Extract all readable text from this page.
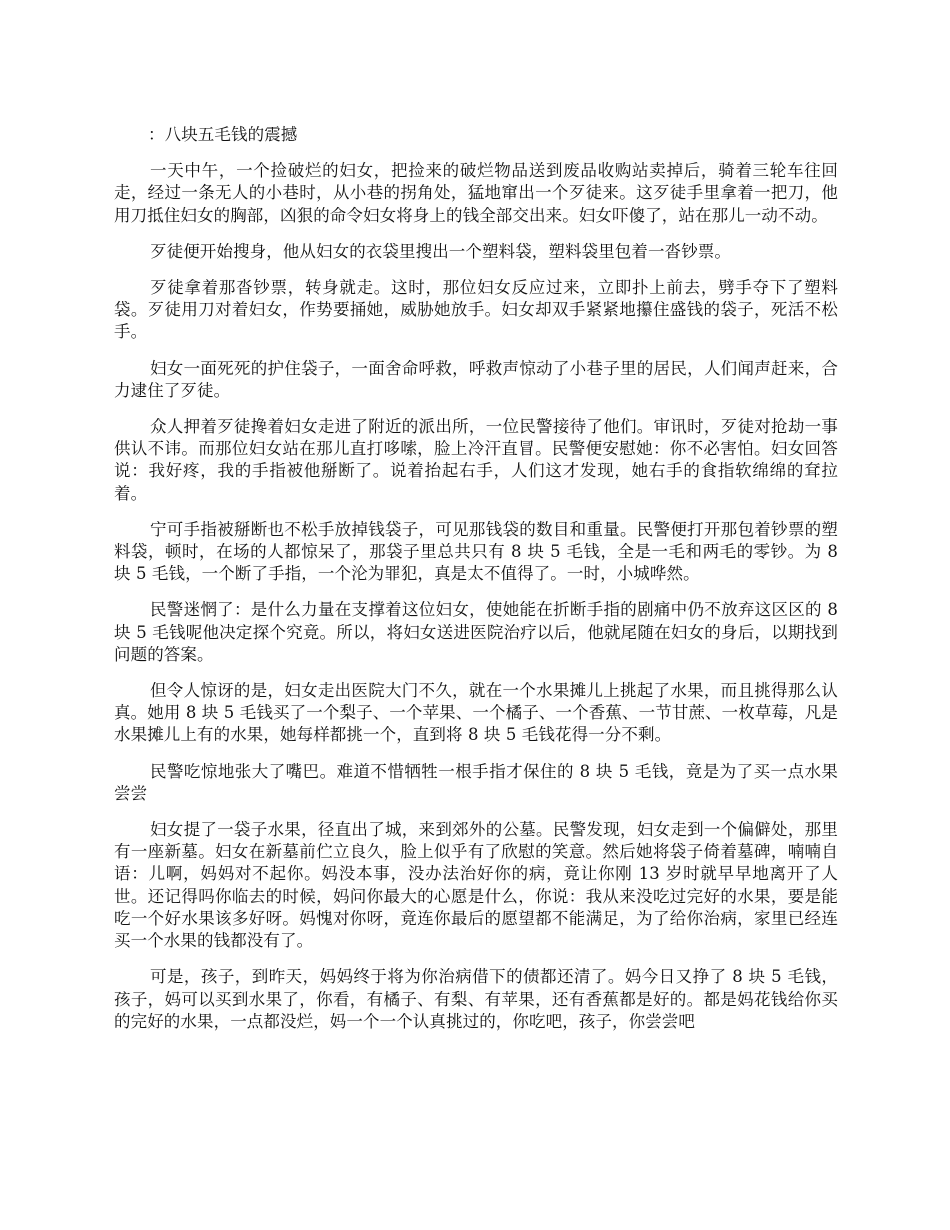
：八块五毛钱的震撼

一天中午，一个捡破烂的妇女，把捡来的破烂物品送到废品收购站卖掉后，骑着三轮车往回走，经过一条无人的小巷时，从小巷的拐角处，猛地窜出一个歹徒来。这歹徒手里拿着一把刀，他用刀抵住妇女的胸部，凶狠的命令妇女将身上的钱全部交出来。妇女吓傻了，站在那儿一动不动。

歹徒便开始搜身，他从妇女的衣袋里搜出一个塑料袋，塑料袋里包着一沓钞票。

歹徒拿着那沓钞票，转身就走。这时，那位妇女反应过来，立即扑上前去，劈手夺下了塑料袋。歹徒用刀对着妇女，作势要捅她，威胁她放手。妇女却双手紧紧地攥住盛钱的袋子，死活不松手。

妇女一面死死的护住袋子，一面舍命呼救，呼救声惊动了小巷子里的居民，人们闻声赶来，合力逮住了歹徒。

众人押着歹徒搀着妇女走进了附近的派出所，一位民警接待了他们。审讯时，歹徒对抢劫一事供认不讳。而那位妇女站在那儿直打哆嗦，脸上冷汗直冒。民警便安慰她：你不必害怕。妇女回答说：我好疼，我的手指被他掰断了。说着抬起右手，人们这才发现，她右手的食指软绵绵的耷拉着。

宁可手指被掰断也不松手放掉钱袋子，可见那钱袋的数目和重量。民警便打开那包着钞票的塑料袋，顿时，在场的人都惊呆了，那袋子里总共只有 8 块 5 毛钱，全是一毛和两毛的零钞。为 8 块 5 毛钱，一个断了手指，一个沦为罪犯，真是太不值得了。一时，小城哗然。

民警迷惘了：是什么力量在支撑着这位妇女，使她能在折断手指的剧痛中仍不放弃这区区的 8 块 5 毛钱呢他决定探个究竟。所以，将妇女送进医院治疗以后，他就尾随在妇女的身后，以期找到问题的答案。

但令人惊讶的是，妇女走出医院大门不久，就在一个水果摊儿上挑起了水果，而且挑得那么认真。她用 8 块 5 毛钱买了一个梨子、一个苹果、一个橘子、一个香蕉、一节甘蔗、一枚草莓，凡是水果摊儿上有的水果，她每样都挑一个，直到将 8 块 5 毛钱花得一分不剩。

民警吃惊地张大了嘴巴。难道不惜牺牲一根手指才保住的 8 块 5 毛钱，竟是为了买一点水果尝尝

妇女提了一袋子水果，径直出了城，来到郊外的公墓。民警发现，妇女走到一个偏僻处，那里有一座新墓。妇女在新墓前伫立良久，脸上似乎有了欣慰的笑意。然后她将袋子倚着墓碑，喃喃自语：儿啊，妈妈对不起你。妈没本事，没办法治好你的病，竟让你刚 13 岁时就早早地离开了人世。还记得吗你临去的时候，妈问你最大的心愿是什么，你说：我从来没吃过完好的水果，要是能吃一个好水果该多好呀。妈愧对你呀，竟连你最后的愿望都不能满足，为了给你治病，家里已经连买一个水果的钱都没有了。

可是，孩子，到昨天，妈妈终于将为你治病借下的债都还清了。妈今日又挣了 8 块 5 毛钱，孩子，妈可以买到水果了，你看，有橘子、有梨、有苹果，还有香蕉都是好的。都是妈花钱给你买的完好的水果，一点都没烂，妈一个一个认真挑过的，你吃吧，孩子，你尝尝吧
